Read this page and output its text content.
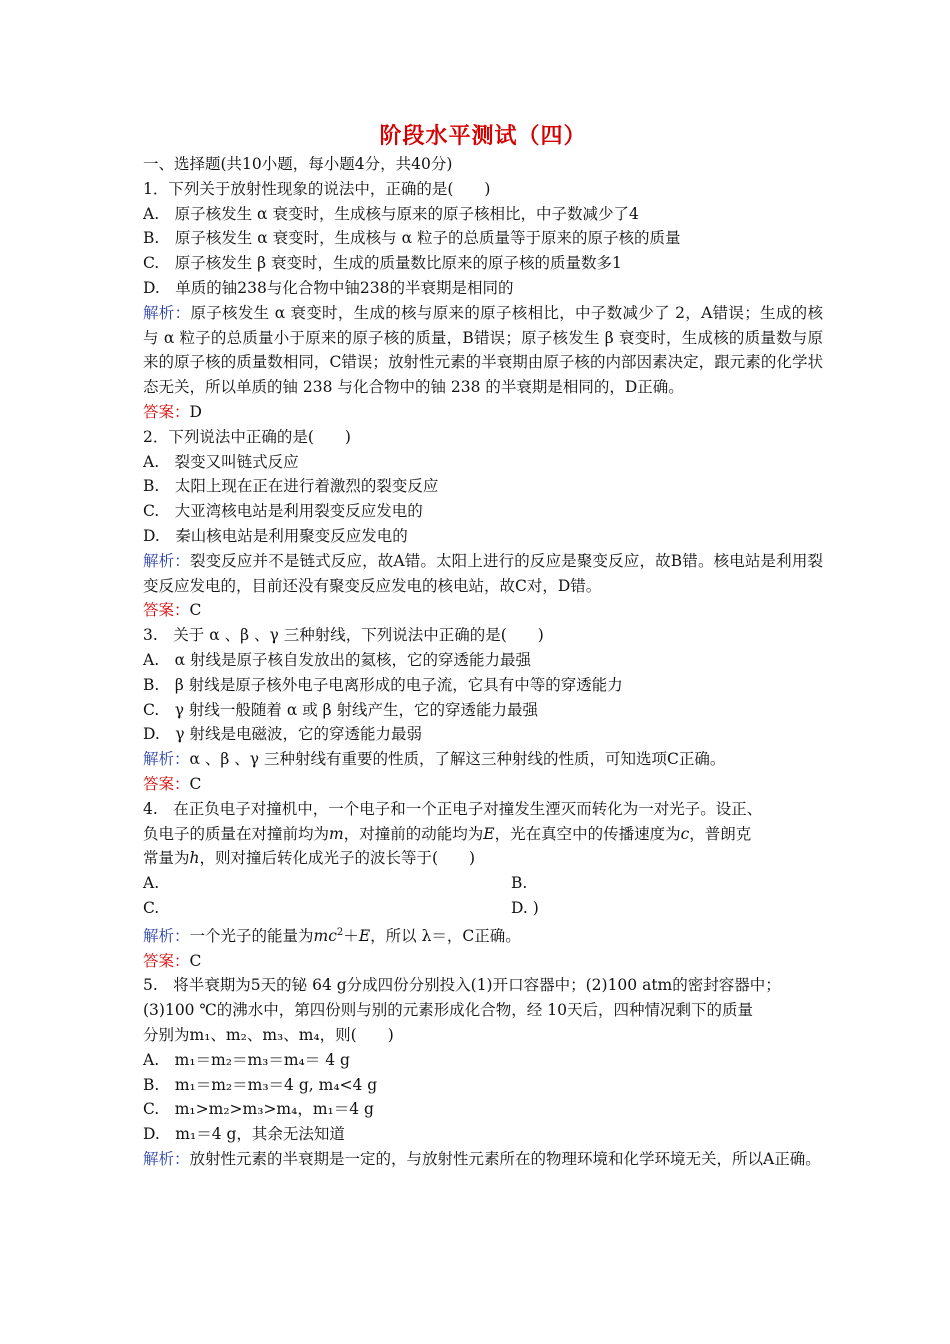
阶段水平测试（四）
一、选择题(共10小题，每小题4分，共40分)
1．下列关于放射性现象的说法中，正确的是(　　)
A.　原子核发生 α 衰变时，生成核与原来的原子核相比，中子数减少了4
B.　原子核发生 α 衰变时，生成核与 α 粒子的总质量等于原来的原子核的质量
C.　原子核发生 β 衰变时，生成的质量数比原来的原子核的质量数多1
D.　单质的铀238与化合物中铀238的半衰期是相同的
解析：原子核发生 α 衰变时，生成的核与原来的原子核相比，中子数减少了 2，A错误；生成的核与 α 粒子的总质量小于原来的原子核的质量，B错误；原子核发生 β 衰变时，生成核的质量数与原来的原子核的质量数相同，C错误；放射性元素的半衰期由原子核的内部因素决定，跟元素的化学状态无关，所以单质的铀 238 与化合物中的铀 238 的半衰期是相同的，D正确。
答案：D
2．下列说法中正确的是(　　)
A.　裂变又叫链式反应
B.　太阳上现在正在进行着激烈的裂变反应
C.　大亚湾核电站是利用裂变反应发电的
D.　秦山核电站是利用聚变反应发电的
解析：裂变反应并不是链式反应，故A错。太阳上进行的反应是聚变反应，故B错。核电站是利用裂变反应发电的，目前还没有聚变反应发电的核电站，故C对，D错。
答案：C
3.　关于 α 、β 、γ 三种射线，下列说法中正确的是(　　)
A.　α 射线是原子核自发放出的氦核，它的穿透能力最强
B.　β 射线是原子核外电子电离形成的电子流，它具有中等的穿透能力
C.　γ 射线一般随着 α 或 β 射线产生，它的穿透能力最强
D.　γ 射线是电磁波，它的穿透能力最弱
解析：α 、β 、γ 三种射线有重要的性质，了解这三种射线的性质，可知选项C正确。
答案：C
4.　在正负电子对撞机中，一个电子和一个正电子对撞发生湮灭而转化为一对光子。设正、
负电子的质量在对撞前均为m，对撞前的动能均为E，光在真空中的传播速度为c，普朗克
常量为h，则对撞后转化成光子的波长等于(　　)
A.	B.
C.	D. )
解析：一个光子的能量为$mc^2+E$，所以 λ＝，C正确。
答案：C
5.　将半衰期为5天的铋 64 g分成四份分别投入(1)开口容器中；(2)100 atm的密封容器中；
(3)100 ℃的沸水中，第四份则与别的元素形成化合物，经 10天后，四种情况剩下的质量
分别为m₁、m₂、m₃、m₄，则(　　)
A.　m₁＝m₂＝m₃＝m₄＝ 4 g
B.　m₁＝m₂＝m₃＝4 g, m₄<4 g
C.　m₁>m₂>m₃>m₄，m₁＝4 g
D.　m₁＝4 g，其余无法知道
解析：放射性元素的半衰期是一定的，与放射性元素所在的物理环境和化学环境无关，所以A正确。
